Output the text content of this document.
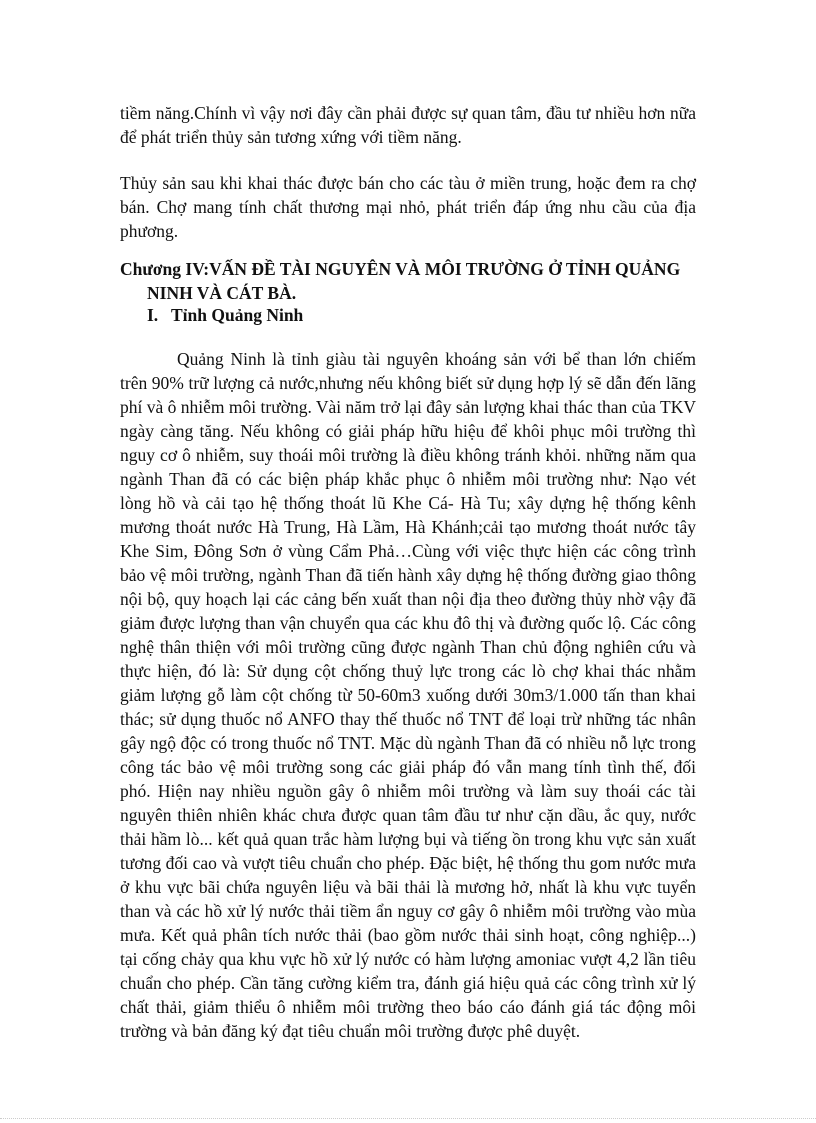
tiềm năng.Chính vì vậy nơi đây cần phải được sự quan tâm, đầu tư nhiều hơn nữa để phát triển thủy sản tương xứng với tiềm năng.
Thủy sản sau khi khai thác được bán cho các tàu ở miền trung, hoặc đem ra chợ bán. Chợ mang tính chất thương mại nhỏ, phát triển đáp ứng nhu cầu của địa phương.
Chương IV:VẤN ĐỀ TÀI NGUYÊN VÀ MÔI TRƯỜNG Ở TỈNH QUẢNG NINH VÀ CÁT BÀ.
I. Tỉnh Quảng Ninh
Quảng Ninh là tỉnh giàu tài nguyên khoáng sản với bể than lớn chiếm trên 90% trữ lượng cả nước,nhưng nếu không biết sử dụng hợp lý sẽ dẫn đến lãng phí và ô nhiễm môi trường. Vài năm trở lại đây sản lượng khai thác than của TKV ngày càng tăng. Nếu không có giải pháp hữu hiệu để khôi phục môi trường thì nguy cơ ô nhiễm, suy thoái môi trường là điều không tránh khỏi. những năm qua ngành Than đã có các biện pháp khắc phục ô nhiễm môi trường như: Nạo vét lòng hồ và cải tạo hệ thống thoát lũ Khe Cá- Hà Tu; xây dựng hệ thống kênh mương thoát nước Hà Trung, Hà Lầm, Hà Khánh;cải tạo mương thoát nước tây Khe Sim, Đông Sơn ở vùng Cẩm Phả…Cùng với việc thực hiện các công trình bảo vệ môi trường, ngành Than đã tiến hành xây dựng hệ thống đường giao thông nội bộ, quy hoạch lại các cảng bến xuất than nội địa theo đường thủy nhờ vậy đã giảm được lượng than vận chuyển qua các khu đô thị và đường quốc lộ. Các công nghệ thân thiện với môi trường cũng được ngành Than chủ động nghiên cứu và thực hiện, đó là: Sử dụng cột chống thuỷ lực trong các lò chợ khai thác nhằm giảm lượng gỗ làm cột chống từ 50-60m3 xuống dưới 30m3/1.000 tấn than khai thác; sử dụng thuốc nổ ANFO thay thế thuốc nổ TNT để loại trừ những tác nhân gây ngộ độc có trong thuốc nổ TNT. Mặc dù ngành Than đã có nhiều nỗ lực trong công tác bảo vệ môi trường song các giải pháp đó vẫn mang tính tình thế, đối phó. Hiện nay nhiều nguồn gây ô nhiễm môi trường và làm suy thoái các tài nguyên thiên nhiên khác chưa được quan tâm đầu tư như cặn dầu, ắc quy, nước thải hầm lò... kết quả quan trắc hàm lượng bụi và tiếng ồn trong khu vực sản xuất tương đối cao và vượt tiêu chuẩn cho phép. Đặc biệt, hệ thống thu gom nước mưa ở khu vực bãi chứa nguyên liệu và bãi thải là mương hở, nhất là khu vực tuyển than và các hồ xử lý nước thải tiềm ẩn nguy cơ gây ô nhiễm môi trường vào mùa mưa. Kết quả phân tích nước thải (bao gồm nước thải sinh hoạt, công nghiệp...) tại cống chảy qua khu vực hồ xử lý nước có hàm lượng amoniac vượt 4,2 lần tiêu chuẩn cho phép. Cần tăng cường kiểm tra, đánh giá hiệu quả các công trình xử lý chất thải, giảm thiểu ô nhiễm môi trường theo báo cáo đánh giá tác động môi trường và bản đăng ký đạt tiêu chuẩn môi trường được phê duyệt.
